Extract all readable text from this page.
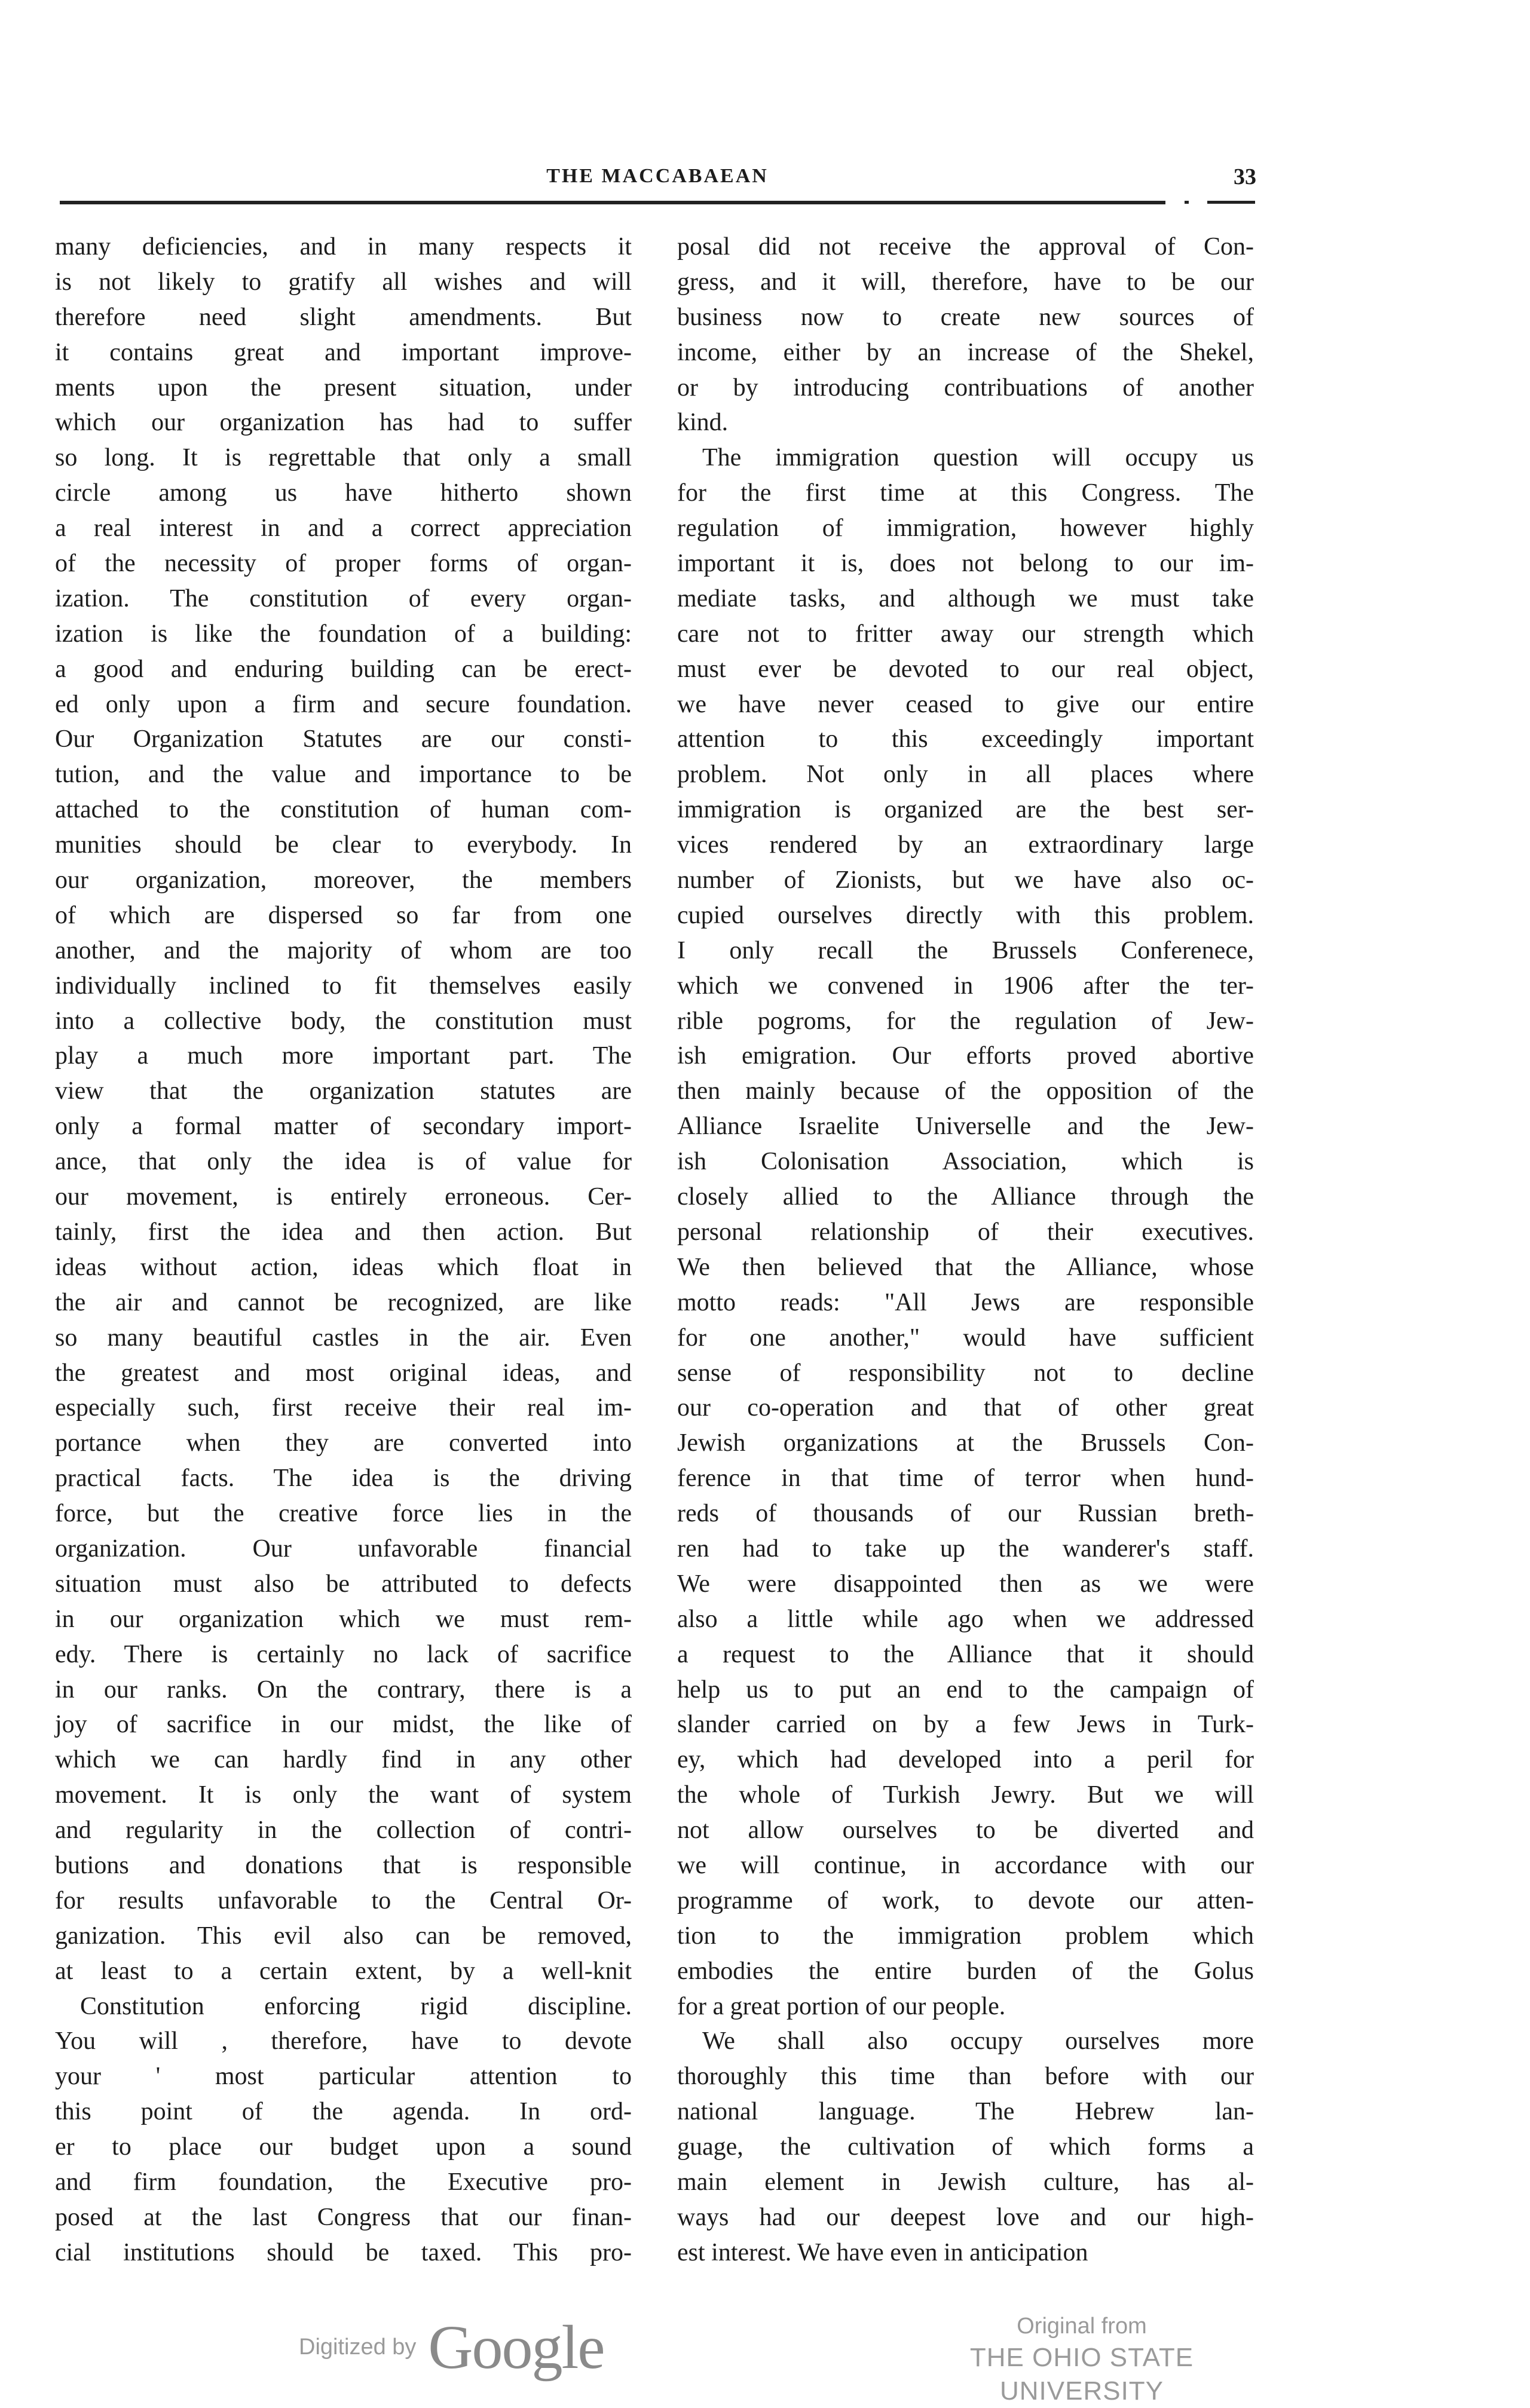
THE MACCABAEAN	33
many deficiencies, and in many respects it
is not likely to gratify all wishes and will
therefore need slight amendments. But
it contains great and important improve-
ments upon the present situation, under
which our organization has had to suffer
so long. It is regrettable that only a small
circle among us have hitherto shown
a real interest in and a correct appreciation
of the necessity of proper forms of organ-
ization. The constitution of every organ-
ization is like the foundation of a building:
a good and enduring building can be erect-
ed only upon a firm and secure foundation.
Our Organization Statutes are our consti-
tution, and the value and importance to be
attached to the constitution of human com-
munities should be clear to everybody. In
our organization, moreover, the members
of which are dispersed so far from one
another, and the majority of whom are too
individually inclined to fit themselves easily
into a collective body, the constitution must
play a much more important part. The
view that the organization statutes are
only a formal matter of secondary import-
ance, that only the idea is of value for
our movement, is entirely erroneous. Cer-
tainly, first the idea and then action. But
ideas without action, ideas which float in
the air and cannot be recognized, are like
so many beautiful castles in the air. Even
the greatest and most original ideas, and
especially such, first receive their real im-
portance when they are converted into
practical facts. The idea is the driving
force, but the creative force lies in the
organization. Our unfavorable financial
situation must also be attributed to defects
in our organization which we must rem-
edy. There is certainly no lack of sacrifice
in our ranks. On the contrary, there is a
joy of sacrifice in our midst, the like of
which we can hardly find in any other
movement. It is only the want of system
and regularity in the collection of contri-
butions and donations that is responsible
for results unfavorable to the Central Or-
ganization. This evil also can be removed,
at least to a certain extent, by a well-knit
Constitution enforcing rigid discipline.
You will , therefore, have to devote
your ' most particular attention to
this point of the agenda. In ord-
er to place our budget upon a sound
and firm foundation, the Executive pro-
posed at the last Congress that our finan-
cial institutions should be taxed. This pro-
posal did not receive the approval of Con-
gress, and it will, therefore, have to be our
business now to create new sources of
income, either by an increase of the Shekel,
or by introducing contribuations of another
kind.
The immigration question will occupy us
for the first time at this Congress. The
regulation of immigration, however highly
important it is, does not belong to our im-
mediate tasks, and although we must take
care not to fritter away our strength which
must ever be devoted to our real object,
we have never ceased to give our entire
attention to this exceedingly important
problem. Not only in all places where
immigration is organized are the best ser-
vices rendered by an extraordinary large
number of Zionists, but we have also oc-
cupied ourselves directly with this problem.
I only recall the Brussels Conferenece,
which we convened in 1906 after the ter-
rible pogroms, for the regulation of Jew-
ish emigration. Our efforts proved abortive
then mainly because of the opposition of the
Alliance Israelite Universelle and the Jew-
ish Colonisation Association, which is
closely allied to the Alliance through the
personal relationship of their executives.
We then believed that the Alliance, whose
motto reads: "All Jews are responsible
for one another," would have sufficient
sense of responsibility not to decline
our co-operation and that of other great
Jewish organizations at the Brussels Con-
ference in that time of terror when hund-
reds of thousands of our Russian breth-
ren had to take up the wanderer's staff.
We were disappointed then as we were
also a little while ago when we addressed
a request to the Alliance that it should
help us to put an end to the campaign of
slander carried on by a few Jews in Turk-
ey, which had developed into a peril for
the whole of Turkish Jewry. But we will
not allow ourselves to be diverted and
we will continue, in accordance with our
programme of work, to devote our atten-
tion to the immigration problem which
embodies the entire burden of the Golus
for a great portion of our people.
We shall also occupy ourselves more
thoroughly this time than before with our
national language. The Hebrew lan-
guage, the cultivation of which forms a
main element in Jewish culture, has al-
ways had our deepest love and our high-
est interest. We have even in anticipation
Digitized by Google	Original from
THE OHIO STATE UNIVERSITY
